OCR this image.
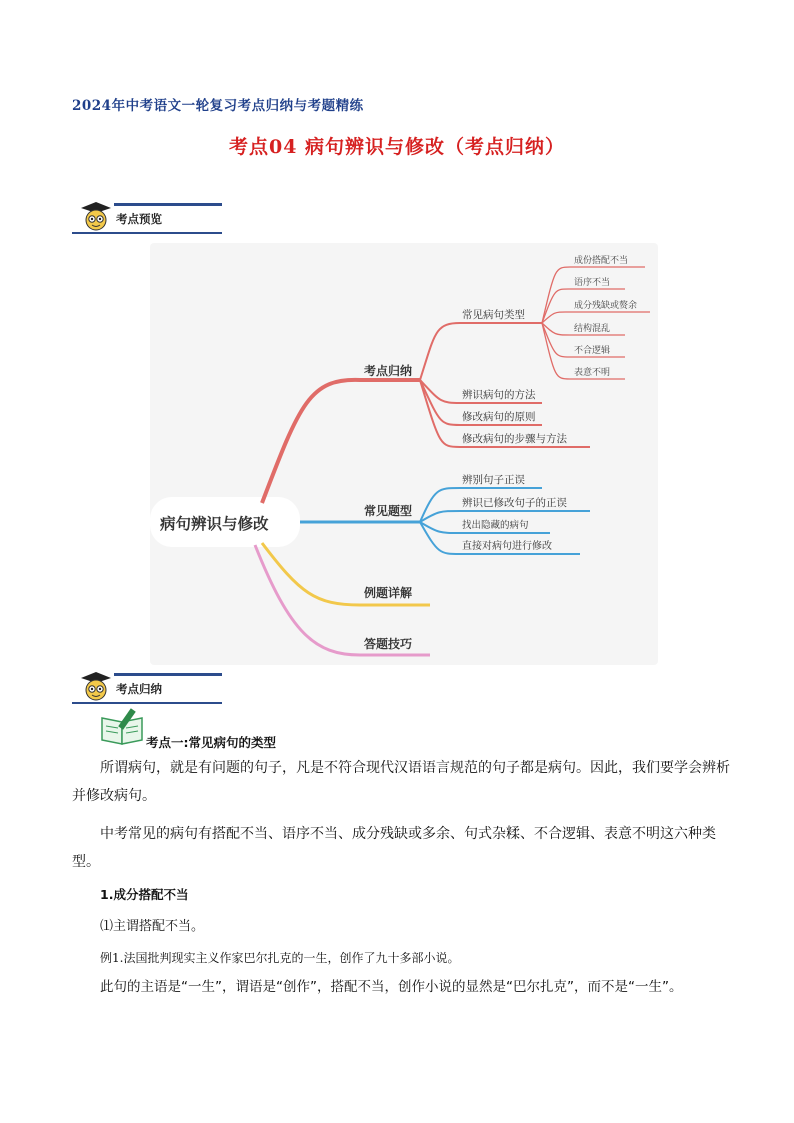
2024年中考语文一轮复习考点归纳与考题精练
考点04 病句辨识与修改（考点归纳）
考点预览
病句辨识与修改
考点归纳
常见题型
例题详解
答题技巧
常见病句类型
辨识病句的方法
修改病句的原则
修改病句的步骤与方法
成份搭配不当
语序不当
成分残缺或赘余
结构混乱
不合逻辑
表意不明
辨别句子正误
辨识已修改句子的正误
找出隐藏的病句
直接对病句进行修改
考点归纳
考点一:常见病句的类型
所谓病句，就是有问题的句子，凡是不符合现代汉语语言规范的句子都是病句。因此，我们要学会辨析并修改病句。
中考常见的病句有搭配不当、语序不当、成分残缺或多余、句式杂糅、不合逻辑、表意不明这六种类型。
1.成分搭配不当
⑴主谓搭配不当。
例1.法国批判现实主义作家巴尔扎克的一生，创作了九十多部小说。
此句的主语是“一生”，谓语是“创作”，搭配不当，创作小说的显然是“巴尔扎克”，而不是“一生”。
